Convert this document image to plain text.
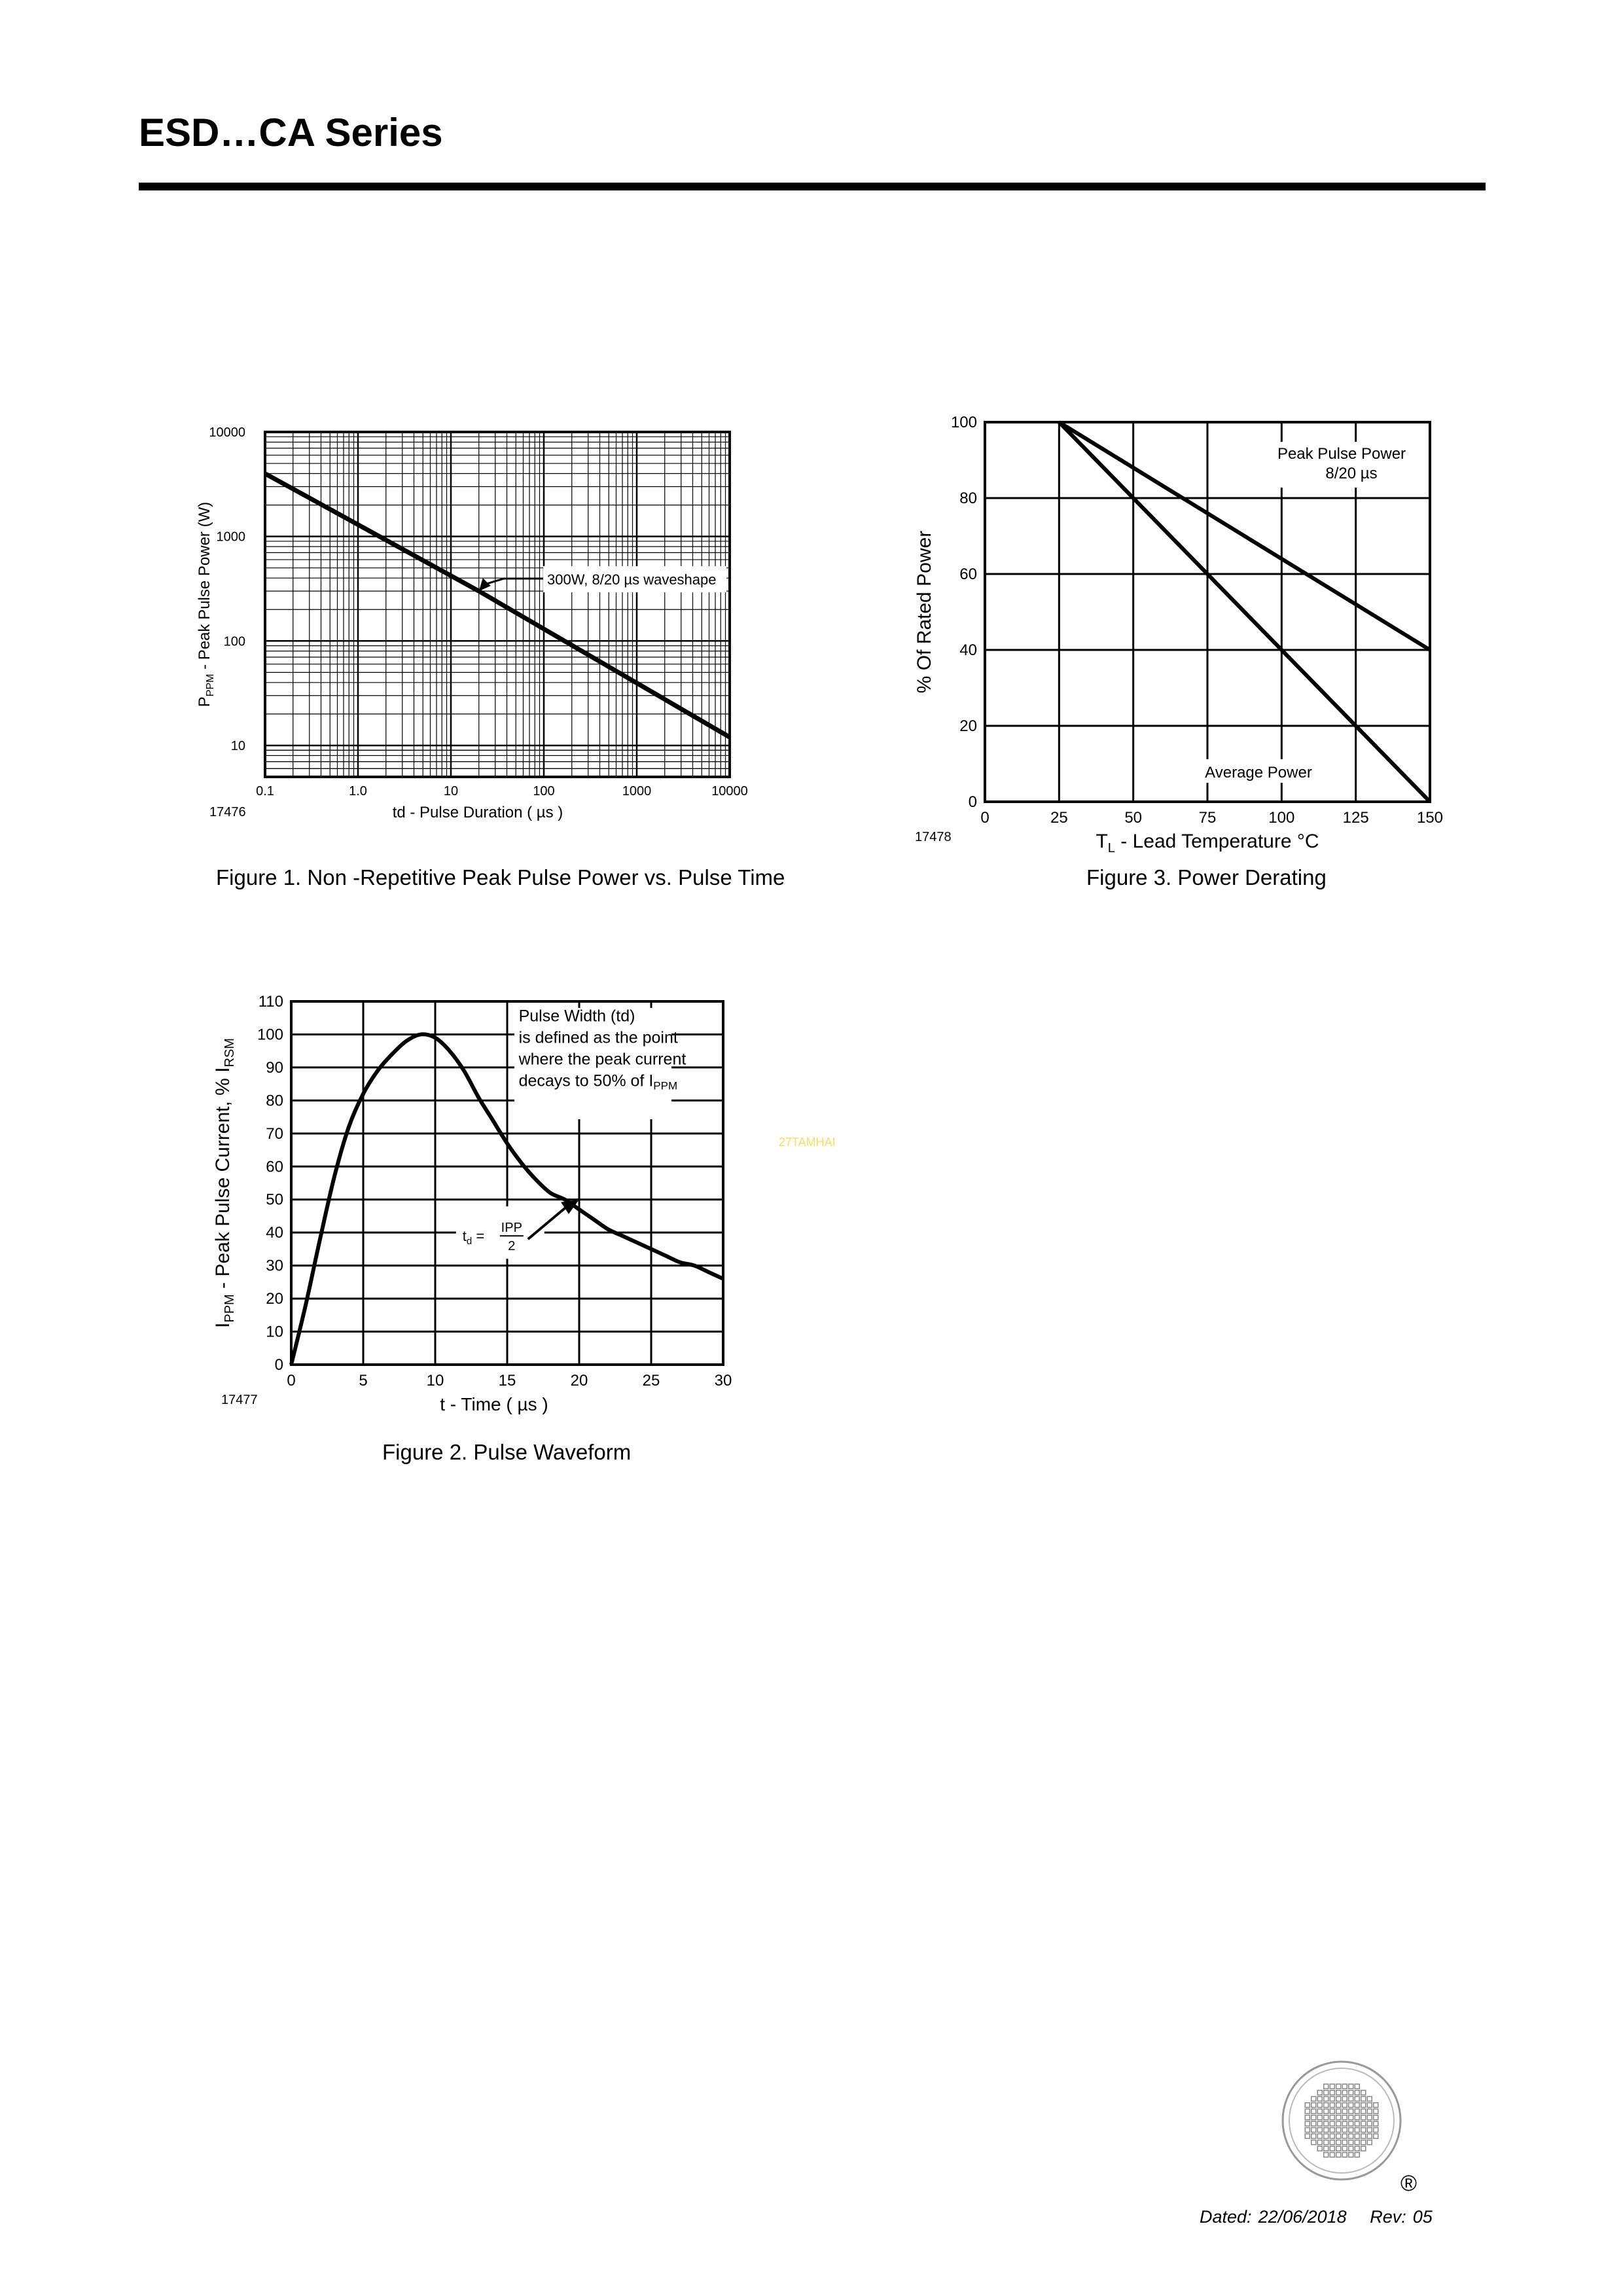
ESD…CA Series
0.1	1.0	10	100	1000	10000
10000
1000
100
10
td - Pulse Duration ( µs )
$P_{PPM}$ - Peak Pulse Power (W)
17476
300W, 8/20 µs waveshape
Figure 1. Non -Repetitive Peak Pulse Power vs. Pulse Time
Peak Pulse Power
8/20 µs
Average Power
0	25	50	75	100	125	150
0
20
40
60
80
100
$T_L$ - Lead Temperature °C
% Of Rated Power
17478
Figure 3. Power Derating
Pulse Width (td)
is defined as the point
where the peak current
decays to 50% of $I_{PPM}$
$t_d$ = IPP
2
0	5	10	15	20	25	30
0
10
20
30
40
50
60
70
80
90
100
110
t - Time ( µs )
$I_{PPM}$ - Peak Pulse Current, % $I_{RSM}$
17477
Figure 2. Pulse Waveform
27TAMHAI
®
Dated: 22/06/2018 Rev: 05
